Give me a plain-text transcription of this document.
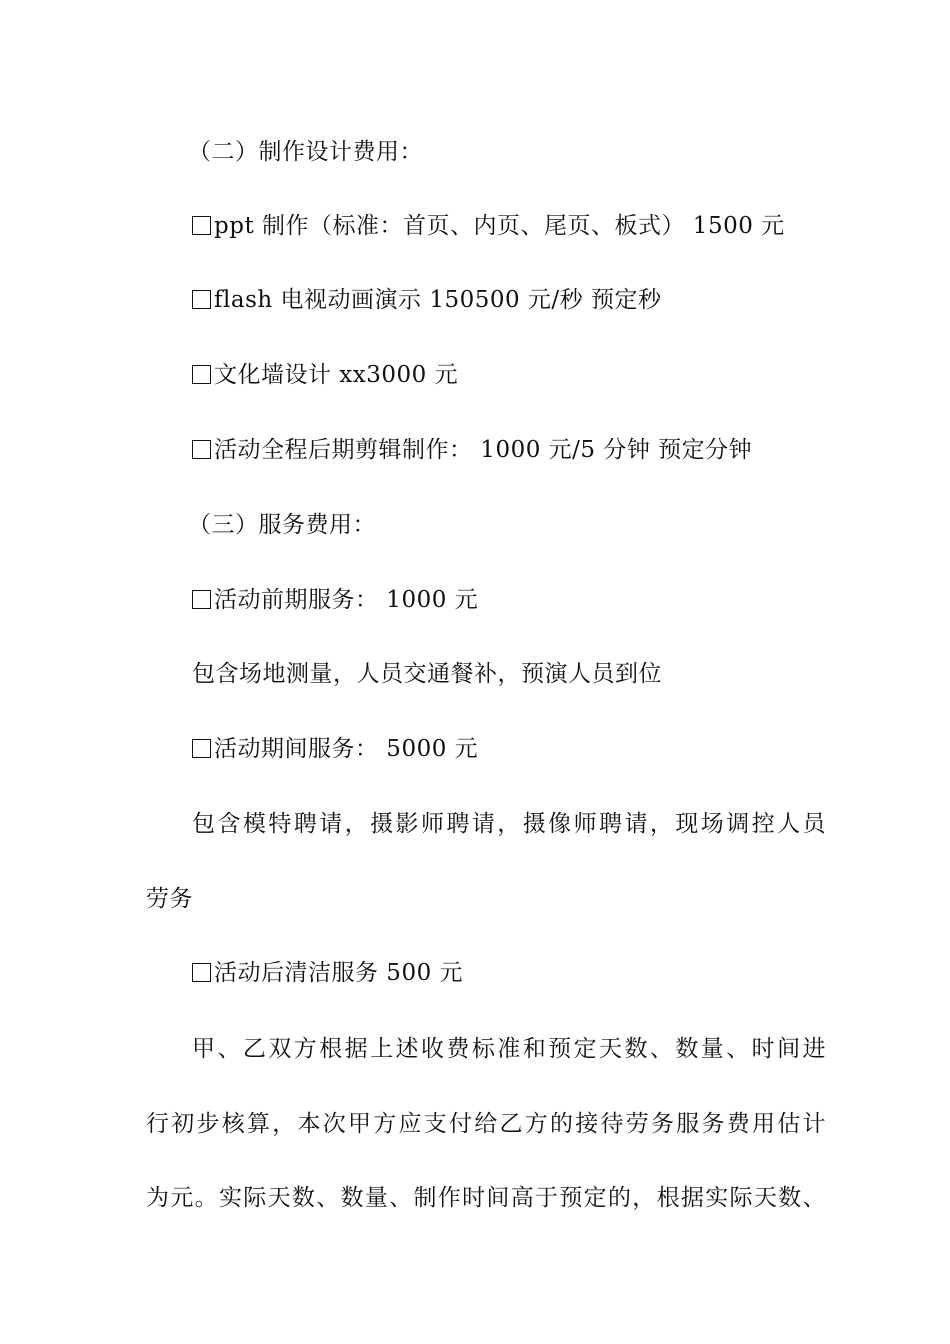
（二）制作设计费用：
ppt 制作（标准：首页、内页、尾页、板式） 1500 元
flash 电视动画演示 150500 元/秒 预定秒
文化墙设计 xx3000 元
活动全程后期剪辑制作： 1000 元/5 分钟 预定分钟
（三）服务费用：
活动前期服务： 1000 元
包含场地测量，人员交通餐补，预演人员到位
活动期间服务： 5000 元
包含模特聘请，摄影师聘请，摄像师聘请，现场调控人员
劳务
活动后清洁服务 500 元
甲、乙双方根据上述收费标准和预定天数、数量、时间进
行初步核算，本次甲方应支付给乙方的接待劳务服务费用估计
为元。实际天数、数量、制作时间高于预定的，根据实际天数、
